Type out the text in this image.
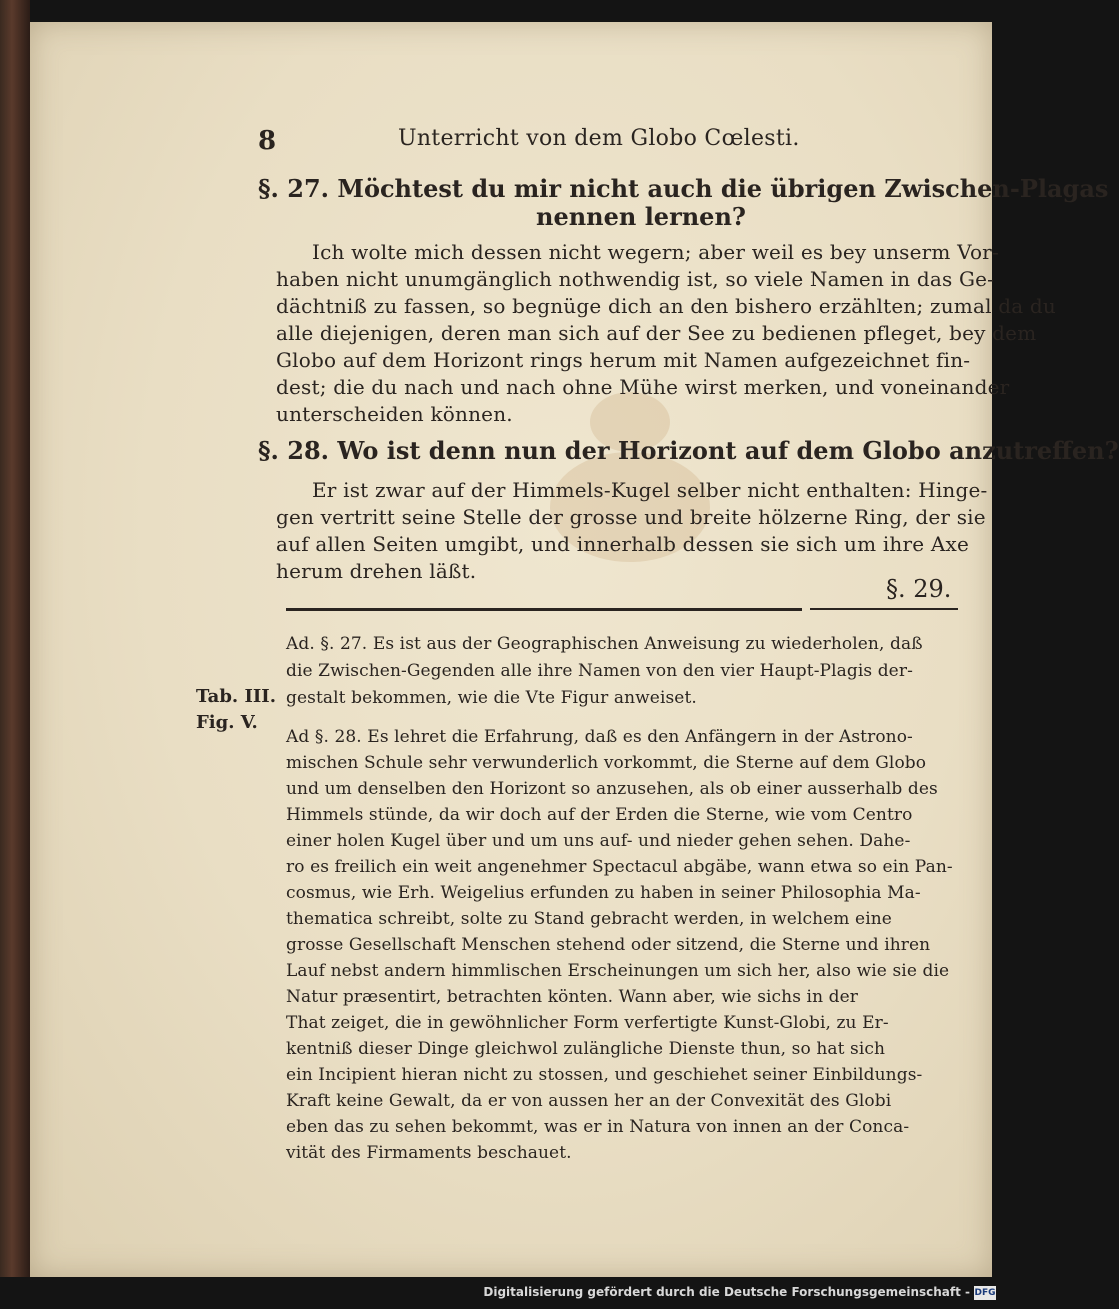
8	Unterricht von dem Globo Cœlesti.
§. 27. Möchtest du mir nicht auch die übrigen Zwischen-Plagas
nennen lernen?
Ich wolte mich dessen nicht wegern; aber weil es bey unserm Vor-
haben nicht unumgänglich nothwendig ist, so viele Namen in das Ge-
dächtniß zu fassen, so begnüge dich an den bishero erzählten; zumal da du
alle diejenigen, deren man sich auf der See zu bedienen pfleget, bey dem
Globo auf dem Horizont rings herum mit Namen aufgezeichnet fin-
dest; die du nach und nach ohne Mühe wirst merken, und voneinander
unterscheiden können.
§. 28. Wo ist denn nun der Horizont auf dem Globo anzutreffen?
Er ist zwar auf der Himmels-Kugel selber nicht enthalten: Hinge-
gen vertritt seine Stelle der grosse und breite hölzerne Ring, der sie
auf allen Seiten umgibt, und innerhalb dessen sie sich um ihre Axe
herum drehen läßt.
§. 29.
Ad. §. 27. Es ist aus der Geographischen Anweisung zu wiederholen, daß
die Zwischen-Gegenden alle ihre Namen von den vier Haupt-Plagis der-
gestalt bekommen, wie die Vte Figur anweiset.
Tab. III.
Fig. V.
Ad §. 28. Es lehret die Erfahrung, daß es den Anfängern in der Astrono-
mischen Schule sehr verwunderlich vorkommt, die Sterne auf dem Globo
und um denselben den Horizont so anzusehen, als ob einer ausserhalb des
Himmels stünde, da wir doch auf der Erden die Sterne, wie vom Centro
einer holen Kugel über und um uns auf- und nieder gehen sehen. Dahe-
ro es freilich ein weit angenehmer Spectacul abgäbe, wann etwa so ein Pan-
cosmus, wie Erh. Weigelius erfunden zu haben in seiner Philosophia Ma-
thematica schreibt, solte zu Stand gebracht werden, in welchem eine
grosse Gesellschaft Menschen stehend oder sitzend, die Sterne und ihren
Lauf nebst andern himmlischen Erscheinungen um sich her, also wie sie die
Natur præsentirt, betrachten könten. Wann aber, wie sichs in der
That zeiget, die in gewöhnlicher Form verfertigte Kunst-Globi, zu Er-
kentniß dieser Dinge gleichwol zulängliche Dienste thun, so hat sich
ein Incipient hieran nicht zu stossen, und geschiehet seiner Einbildungs-
Kraft keine Gewalt, da er von aussen her an der Convexität des Globi
eben das zu sehen bekommt, was er in Natura von innen an der Conca-
vität des Firmaments beschauet.
Digitalisierung gefördert durch die Deutsche Forschungsgemeinschaft - DFG
